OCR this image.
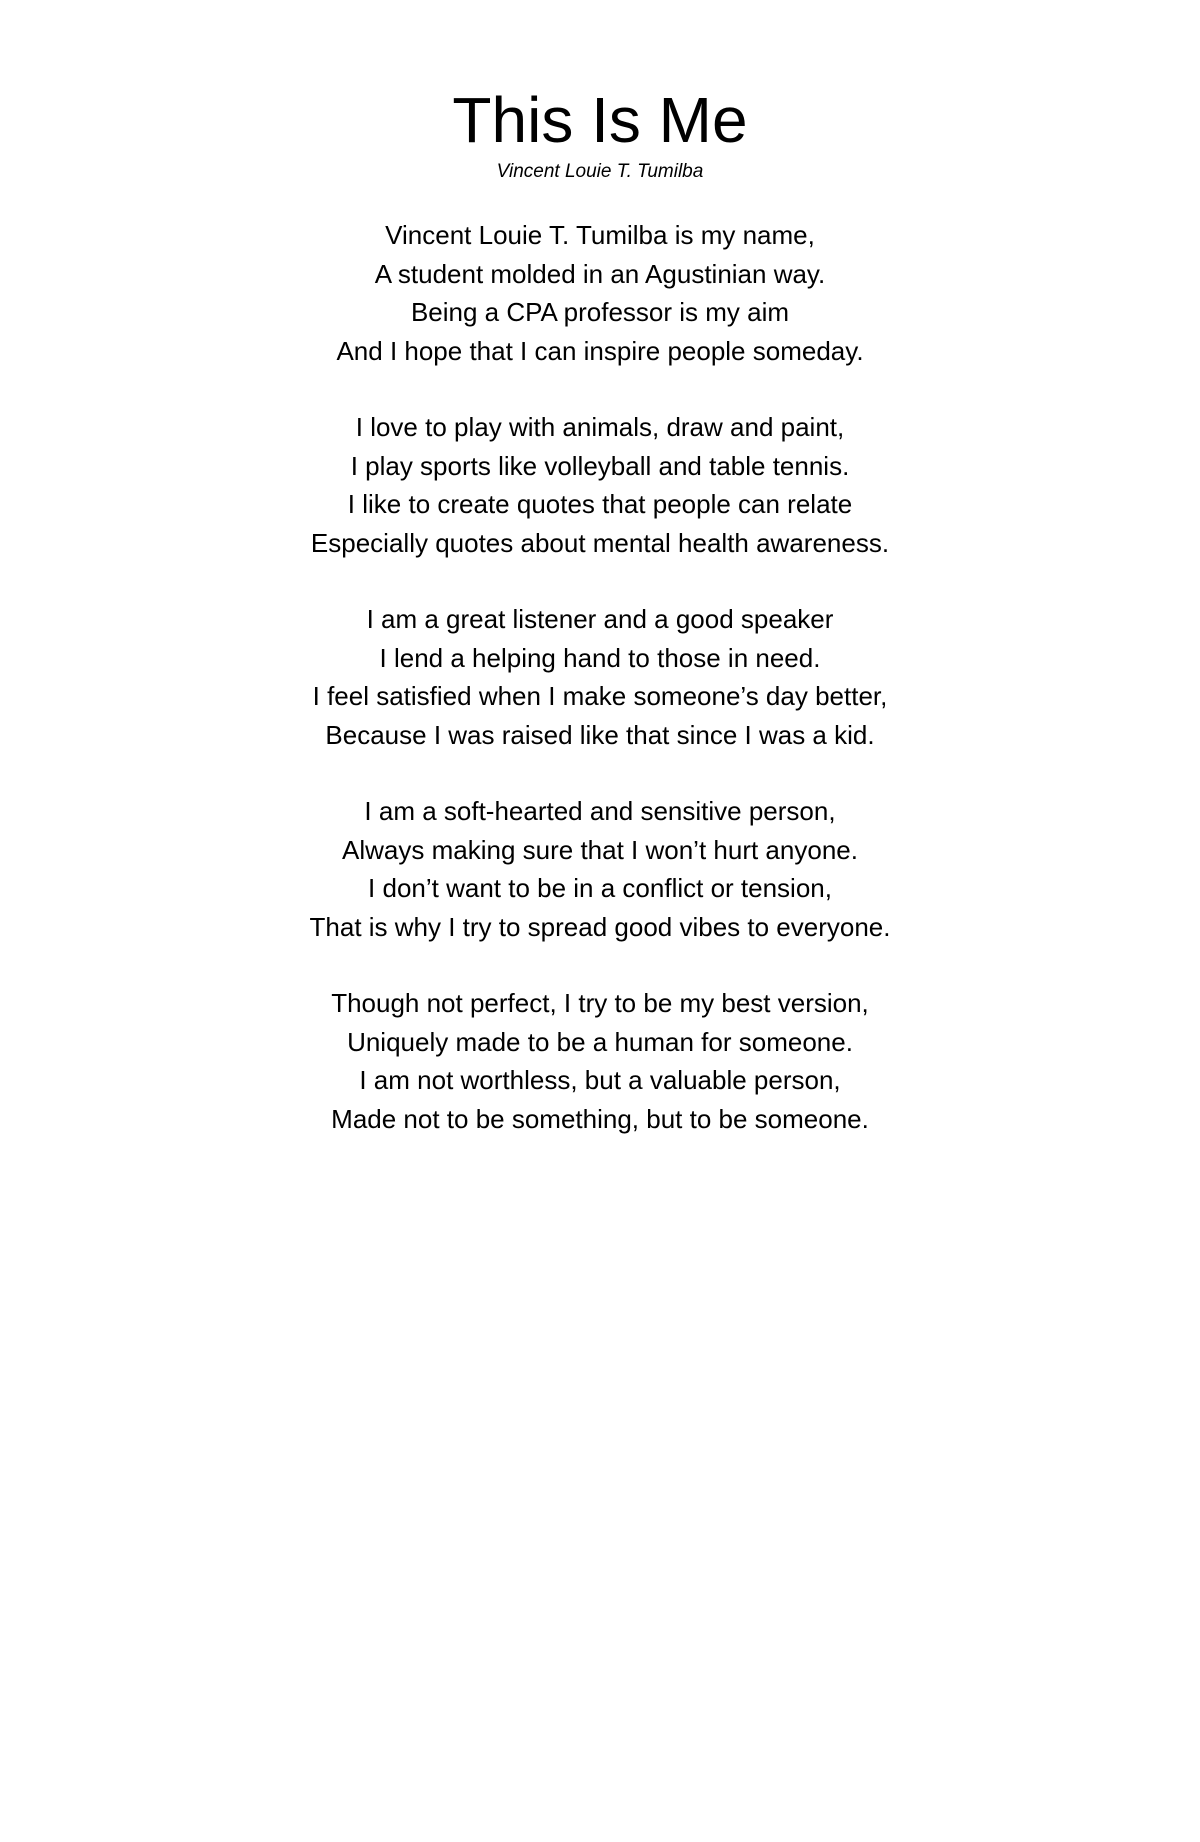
This Is Me
Vincent Louie T. Tumilba
Vincent Louie T. Tumilba is my name,
A student molded in an Agustinian way.
Being a CPA professor is my aim
And I hope that I can inspire people someday.
I love to play with animals, draw and paint,
I play sports like volleyball and table tennis.
I like to create quotes that people can relate
Especially quotes about mental health awareness.
I am a great listener and a good speaker
I lend a helping hand to those in need.
I feel satisfied when I make someone’s day better,
Because I was raised like that since I was a kid.
I am a soft-hearted and sensitive person,
Always making sure that I won’t hurt anyone.
I don’t want to be in a conflict or tension,
That is why I try to spread good vibes to everyone.
Though not perfect, I try to be my best version,
Uniquely made to be a human for someone.
I am not worthless, but a valuable person,
Made not to be something, but to be someone.
